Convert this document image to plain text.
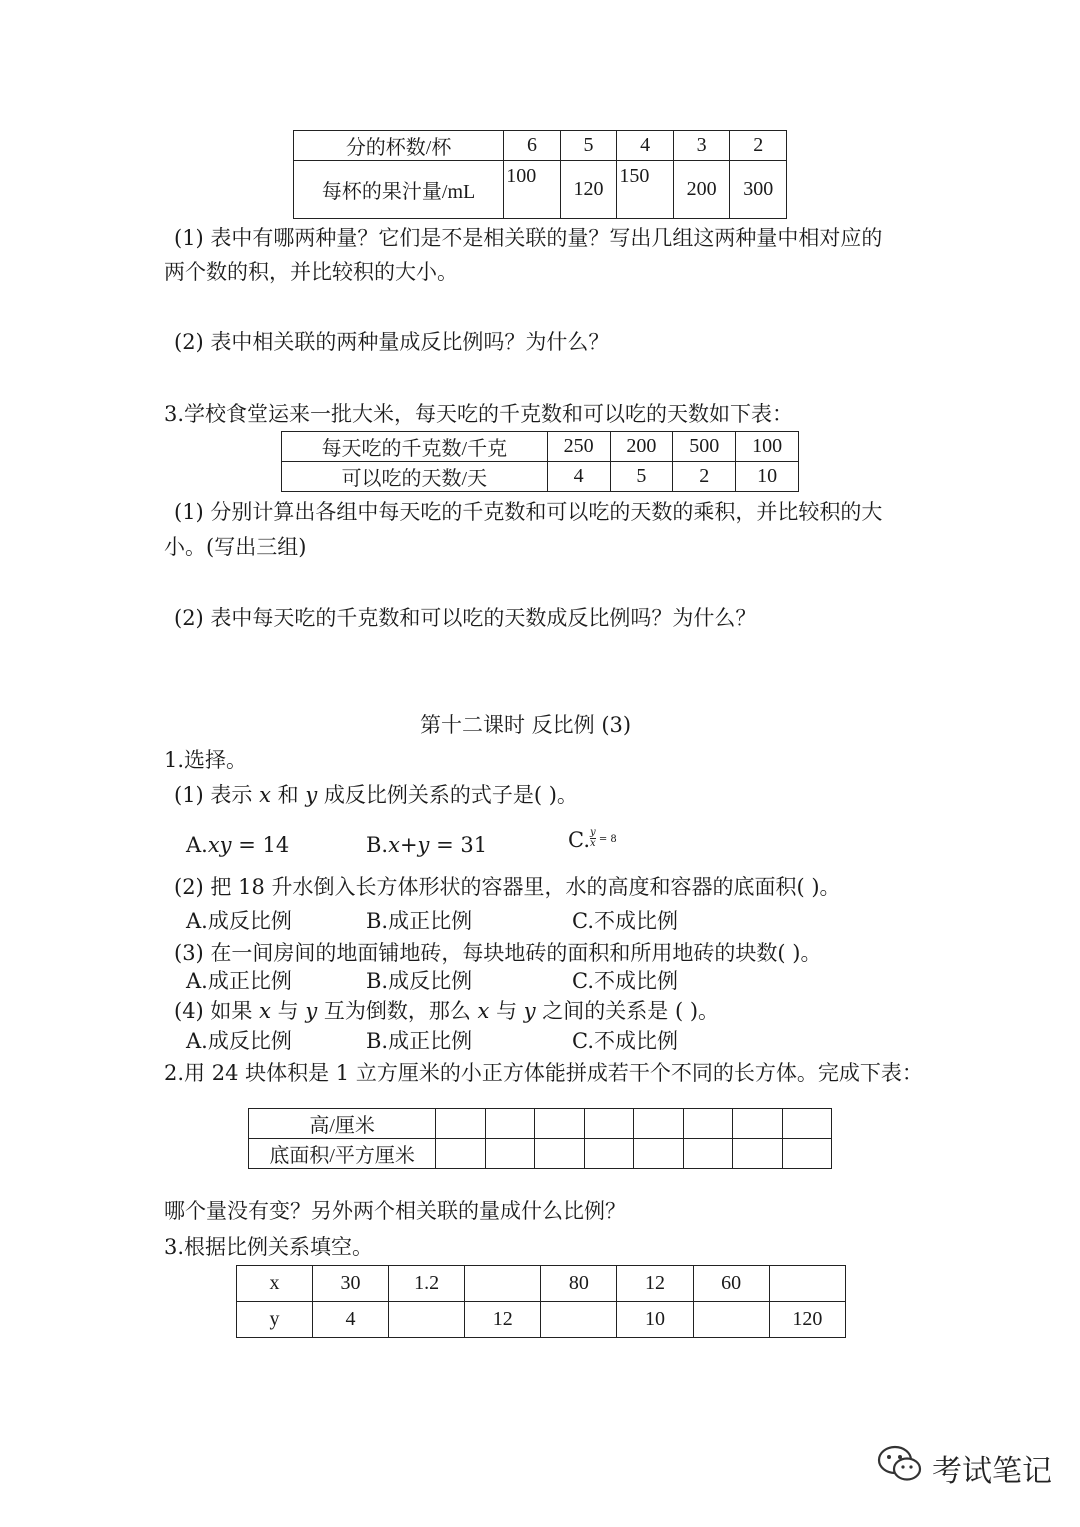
分的杯数/杯	6	5	4	3	2
每杯的果汁量/mL	100	120	150	200	300
(1) 表中有哪两种量？它们是不是相关联的量？写出几组这两种量中相对应的
两个数的积，并比较积的大小。
(2) 表中相关联的两种量成反比例吗？为什么？
3.学校食堂运来一批大米，每天吃的千克数和可以吃的天数如下表：
每天吃的千克数/千克	250	200	500	100
可以吃的天数/天	4	5	2	10
(1) 分别计算出各组中每天吃的千克数和可以吃的天数的乘积，并比较积的大
小。(写出三组)
(2) 表中每天吃的千克数和可以吃的天数成反比例吗？为什么？
第十二课时 反比例 (3)
1.选择。
(1) 表示 x 和 y 成反比例关系的式子是( )。
A.xy = 14	B.x+y = 31	C. $\frac{y}{x} ^{= 8}$
(2) 把 18 升水倒入长方体形状的容器里，水的高度和容器的底面积( )。
A.成反比例	B.成正比例	C.不成比例
(3) 在一间房间的地面铺地砖，每块地砖的面积和所用地砖的块数( )。
A.成正比例	B.成反比例	C.不成比例
(4) 如果 x 与 y 互为倒数，那么 x 与 y 之间的关系是 ( )。
A.成反比例	B.成正比例	C.不成比例
2.用 24 块体积是 1 立方厘米的小正方体能拼成若干个不同的长方体。完成下表：
高/厘米								
底面积/平方厘米								
哪个量没有变？另外两个相关联的量成什么比例？
3.根据比例关系填空。
x	30	1.2		80	12	60	
y	4		12		10		120
考试笔记
